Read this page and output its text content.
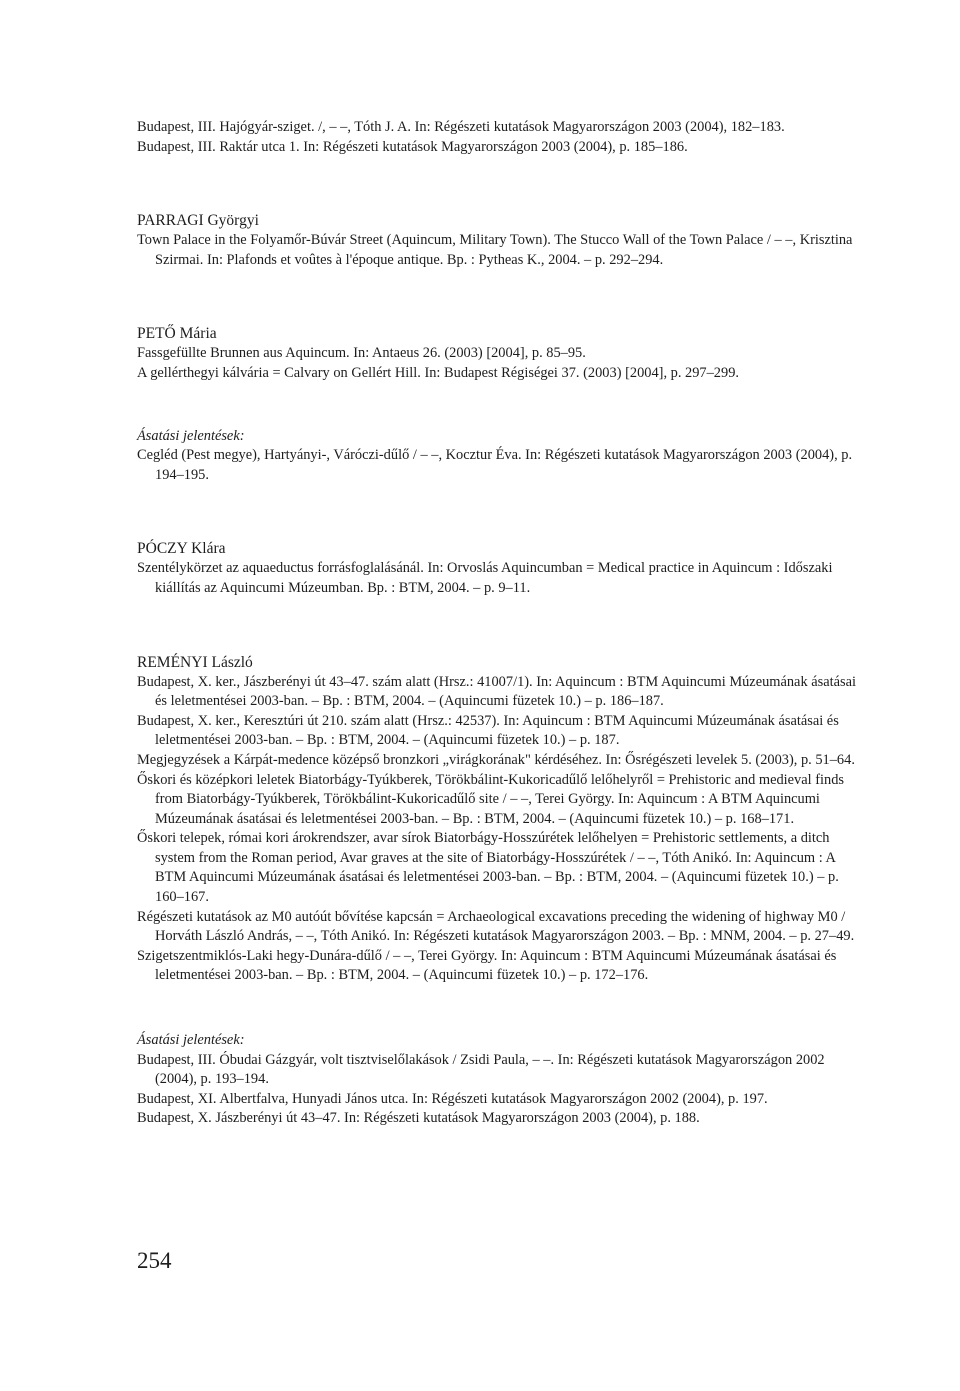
Budapest, III. Hajógyár-sziget. /, – –, Tóth J. A. In: Régészeti kutatások Magyarországon 2003 (2004), 182–183.

Budapest, III. Raktár utca 1. In: Régészeti kutatások Magyarországon 2003 (2004), p. 185–186.

PARRAGI Györgyi

Town Palace in the Folyamőr-Búvár Street (Aquincum, Military Town). The Stucco Wall of the Town Palace / – –, Krisztina Szirmai. In: Plafonds et voûtes à l'époque antique. Bp. : Pytheas K., 2004. – p. 292–294.

PETŐ Mária

Fassgefüllte Brunnen aus Aquincum. In: Antaeus 26. (2003) [2004], p. 85–95.

A gellérthegyi kálvária = Calvary on Gellért Hill. In: Budapest Régiségei 37. (2003) [2004], p. 297–299.

Ásatási jelentések:

Cegléd (Pest megye), Hartyányi-, Váróczi-dűlő / – –, Kocztur Éva. In: Régészeti kutatások Magyarországon 2003 (2004), p. 194–195.

PÓCZY Klára

Szentélykörzet az aquaeductus forrásfoglalásánál. In: Orvoslás Aquincumban = Medical practice in Aquincum : Időszaki kiállítás az Aquincumi Múzeumban. Bp. : BTM, 2004. – p. 9–11.

REMÉNYI László

Budapest, X. ker., Jászberényi út 43–47. szám alatt (Hrsz.: 41007/1). In: Aquincum : BTM Aquincumi Múzeumának ásatásai és leletmentései 2003-ban. – Bp. : BTM, 2004. – (Aquincumi füzetek 10.) – p. 186–187.

Budapest, X. ker., Keresztúri út 210. szám alatt (Hrsz.: 42537). In: Aquincum : BTM Aquincumi Múzeumának ásatásai és leletmentései 2003-ban. – Bp. : BTM, 2004. – (Aquincumi füzetek 10.) – p. 187.

Megjegyzések a Kárpát-medence középső bronzkori „virágkorának" kérdéséhez. In: Ősrégészeti levelek 5. (2003), p. 51–64.

Őskori és középkori leletek Biatorbágy-Tyúkberek, Törökbálint-Kukoricadűlő lelőhelyről = Prehistoric and medieval finds from Biatorbágy-Tyúkberek, Törökbálint-Kukoricadűlő site / – –, Terei György. In: Aquincum : A BTM Aquincumi Múzeumának ásatásai és leletmentései 2003-ban. – Bp. : BTM, 2004. – (Aquincumi füzetek 10.) – p. 168–171.

Őskori telepek, római kori árokrendszer, avar sírok Biatorbágy-Hosszúrétek lelőhelyen = Prehistoric settlements, a ditch system from the Roman period, Avar graves at the site of Biatorbágy-Hosszúrétek / – –, Tóth Anikó. In: Aquincum : A BTM Aquincumi Múzeumának ásatásai és leletmentései 2003-ban. – Bp. : BTM, 2004. – (Aquincumi füzetek 10.) – p. 160–167.

Régészeti kutatások az M0 autóút bővítése kapcsán = Archaeological excavations preceding the widening of highway M0 / Horváth László András, – –, Tóth Anikó. In: Régészeti kutatások Magyarországon 2003. – Bp. : MNM, 2004. – p. 27–49.

Szigetszentmiklós-Laki hegy-Dunára-dűlő / – –, Terei György. In: Aquincum : BTM Aquincumi Múzeumának ásatásai és leletmentései 2003-ban. – Bp. : BTM, 2004. – (Aquincumi füzetek 10.) – p. 172–176.

Ásatási jelentések:

Budapest, III. Óbudai Gázgyár, volt tisztviselőlakások / Zsidi Paula, – –. In: Régészeti kutatások Magyarországon 2002 (2004), p. 193–194.

Budapest, XI. Albertfalva, Hunyadi János utca. In: Régészeti kutatások Magyarországon 2002 (2004), p. 197.

Budapest, X. Jászberényi út 43–47. In: Régészeti kutatások Magyarországon 2003 (2004), p. 188.

254
